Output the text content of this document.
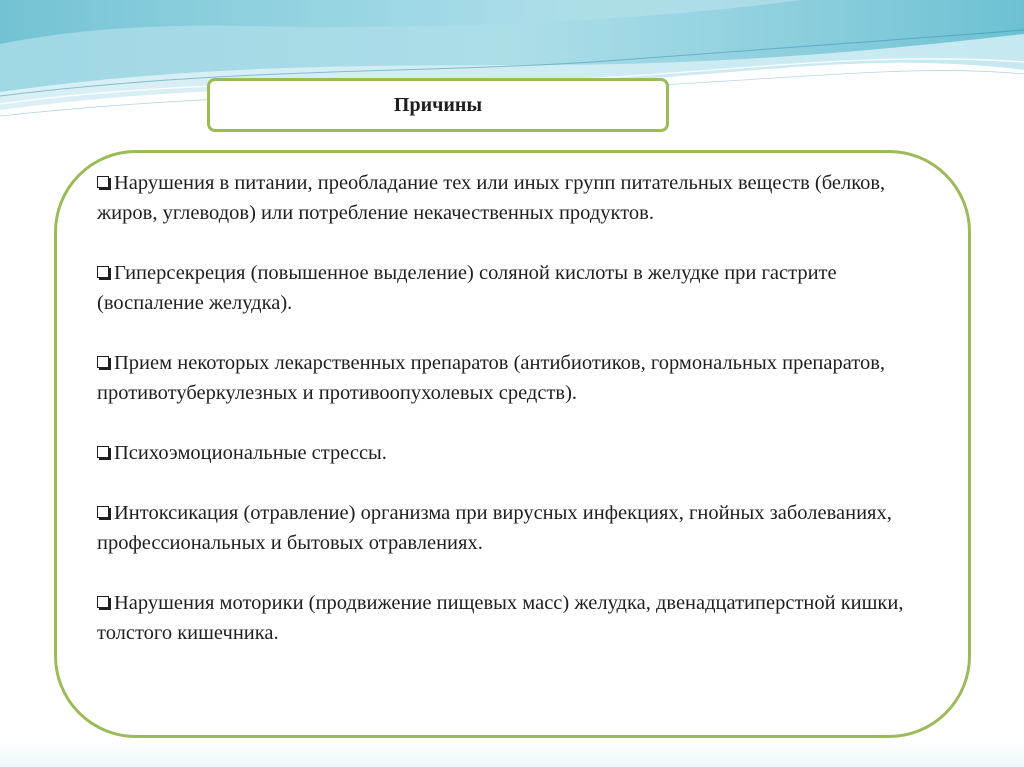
Причины
Нарушения в питании, преобладание тех или иных групп питательных веществ (белков, жиров, углеводов) или потребление некачественных продуктов.
Гиперсекреция (повышенное выделение) соляной кислоты в желудке при гастрите (воспаление желудка).
Прием некоторых лекарственных препаратов (антибиотиков, гормональных препаратов, противотуберкулезных и противоопухолевых средств).
Психоэмоциональные стрессы.
Интоксикация (отравление) организма при вирусных инфекциях, гнойных заболеваниях, профессиональных и бытовых отравлениях.
Нарушения моторики (продвижение пищевых масс) желудка, двенадцатиперстной кишки, толстого кишечника.
